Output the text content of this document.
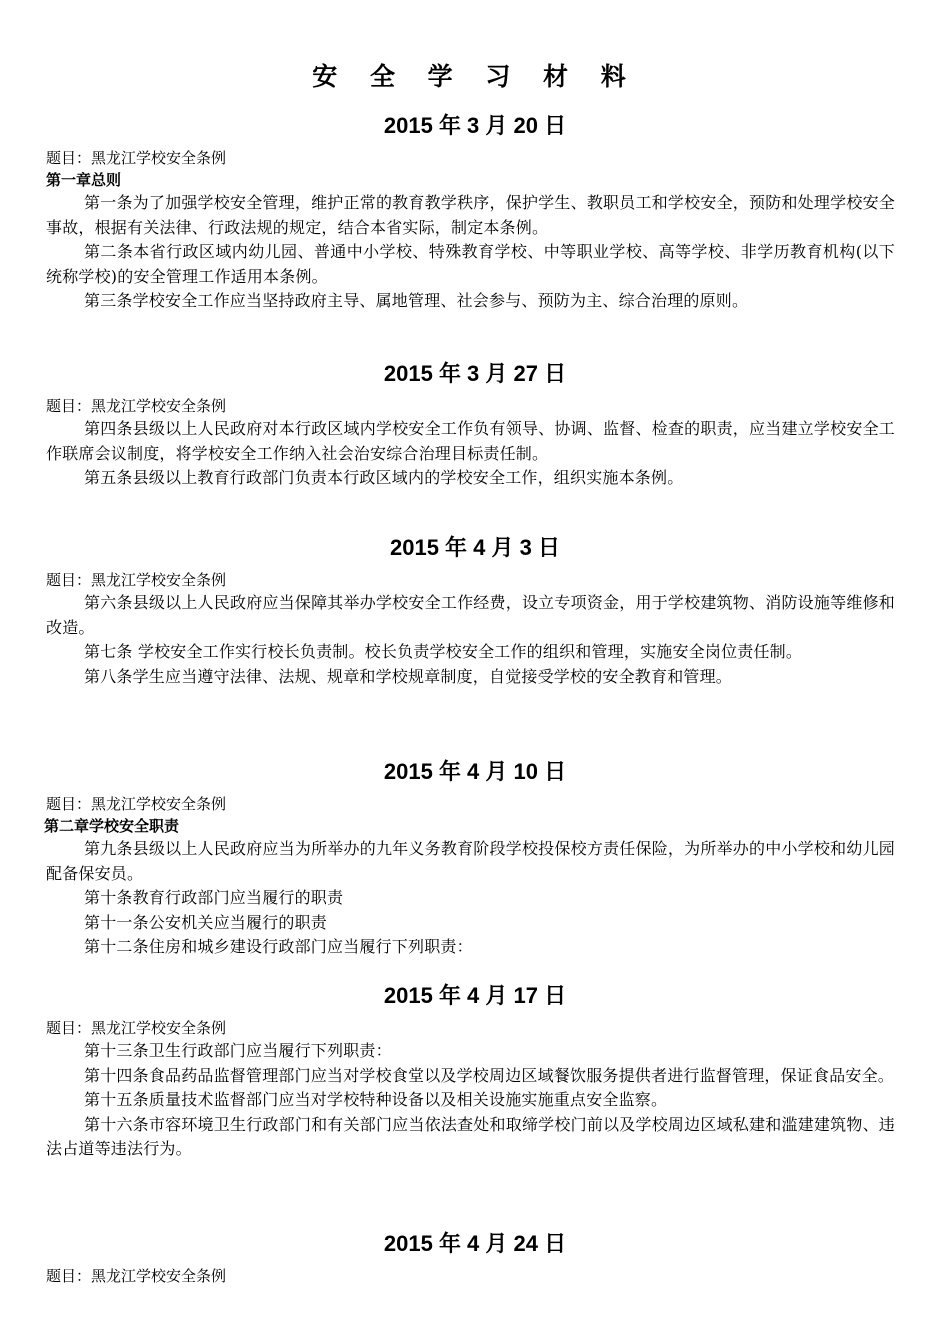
安 全 学 习 材 料
2015 年 3 月 20 日
题目：黑龙江学校安全条例
第一章总则

第一条为了加强学校安全管理，维护正常的教育教学秩序，保护学生、教职员工和学校安全，预防和处理学校安全事故，根据有关法律、行政法规的规定，结合本省实际，制定本条例。

第二条本省行政区域内幼儿园、普通中小学校、特殊教育学校、中等职业学校、高等学校、非学历教育机构(以下统称学校)的安全管理工作适用本条例。

第三条学校安全工作应当坚持政府主导、属地管理、社会参与、预防为主、综合治理的原则。

2015 年 3 月 27 日
题目：黑龙江学校安全条例

第四条县级以上人民政府对本行政区域内学校安全工作负有领导、协调、监督、检查的职责，应当建立学校安全工作联席会议制度，将学校安全工作纳入社会治安综合治理目标责任制。

第五条县级以上教育行政部门负责本行政区域内的学校安全工作，组织实施本条例。

2015 年 4 月 3 日
题目：黑龙江学校安全条例

第六条县级以上人民政府应当保障其举办学校安全工作经费，设立专项资金，用于学校建筑物、消防设施等维修和改造。

第七条 学校安全工作实行校长负责制。校长负责学校安全工作的组织和管理，实施安全岗位责任制。

第八条学生应当遵守法律、法规、规章和学校规章制度，自觉接受学校的安全教育和管理。

2015 年 4 月 10 日
题目：黑龙江学校安全条例
第二章学校安全职责

第九条县级以上人民政府应当为所举办的九年义务教育阶段学校投保校方责任保险，为所举办的中小学校和幼儿园配备保安员。

第十条教育行政部门应当履行的职责

第十一条公安机关应当履行的职责

第十二条住房和城乡建设行政部门应当履行下列职责：

2015 年 4 月 17 日
题目：黑龙江学校安全条例

第十三条卫生行政部门应当履行下列职责：

第十四条食品药品监督管理部门应当对学校食堂以及学校周边区域餐饮服务提供者进行监督管理，保证食品安全。

第十五条质量技术监督部门应当对学校特种设备以及相关设施实施重点安全监察。

第十六条市容环境卫生行政部门和有关部门应当依法查处和取缔学校门前以及学校周边区域私建和滥建建筑物、违法占道等违法行为。

2015 年 4 月 24 日
题目：黑龙江学校安全条例
